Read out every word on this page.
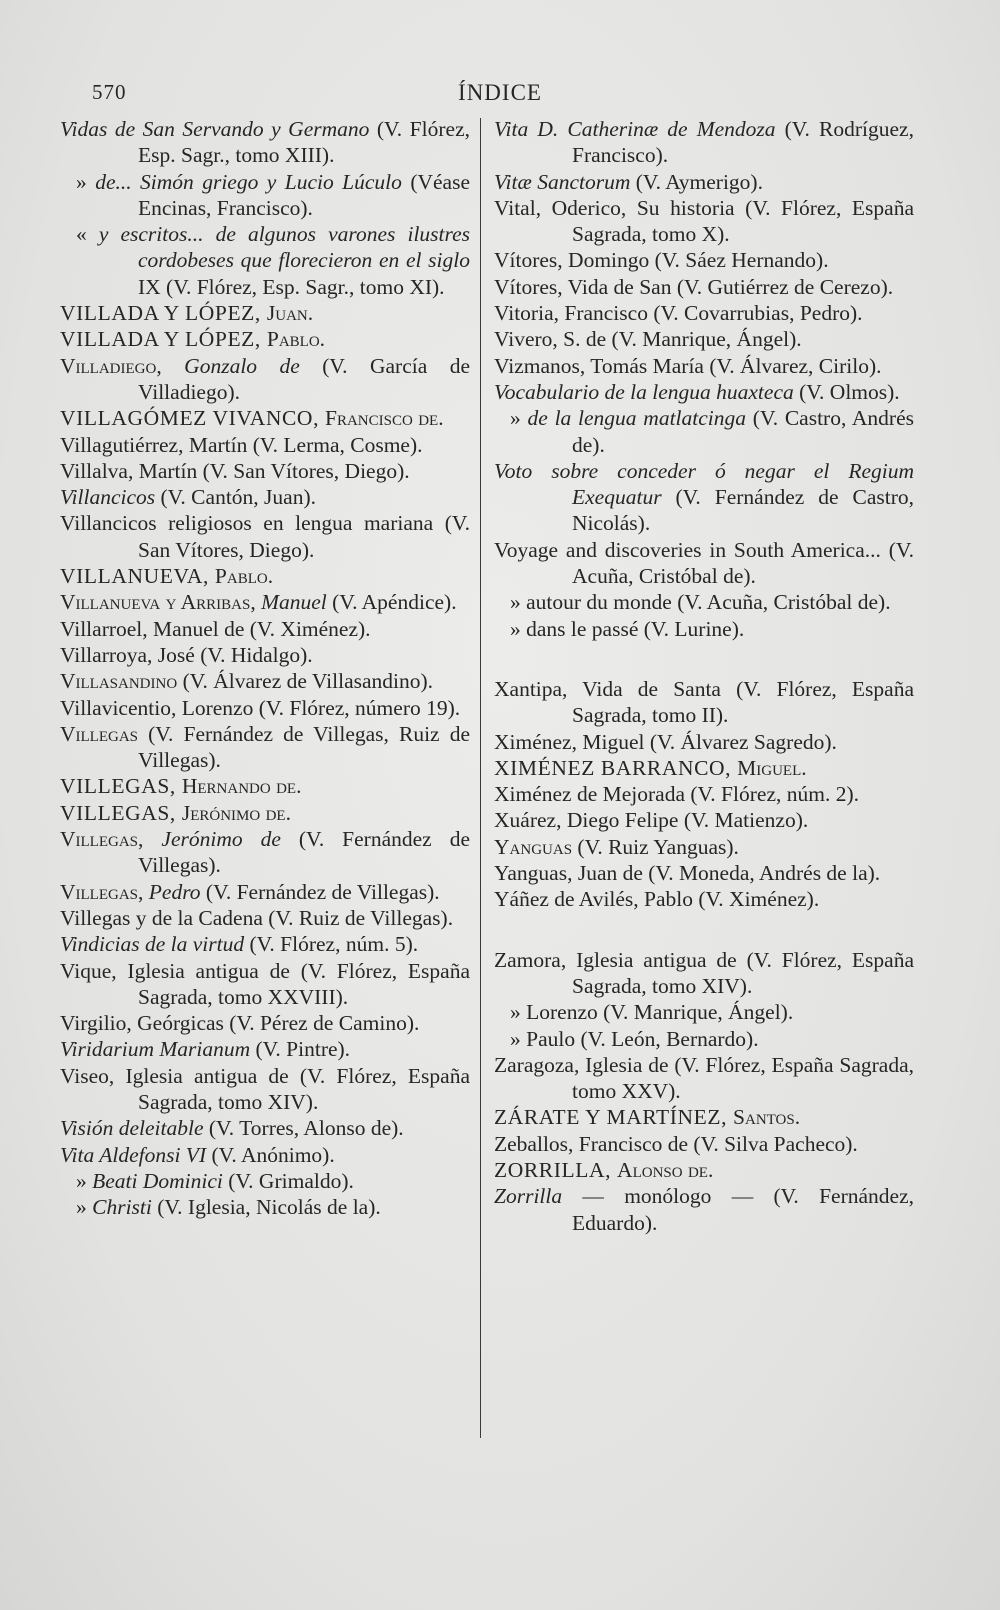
570	ÍNDICE

Vidas de San Servando y Germano (V. Flórez, Esp. Sagr., tomo XIII).

» de... Simón griego y Lucio Lúculo (Véase Encinas, Francisco).

« y escritos... de algunos varones ilustres cordobeses que florecieron en el siglo IX (V. Flórez, Esp. Sagr., tomo XI).

VILLADA Y LÓPEZ, Juan.

VILLADA Y LÓPEZ, Pablo.

Villadiego, Gonzalo de (V. García de Villadiego).

VILLAGÓMEZ VIVANCO, Francisco de.

Villagutiérrez, Martín (V. Lerma, Cosme).

Villalva, Martín (V. San Vítores, Diego).

Villancicos (V. Cantón, Juan).

Villancicos religiosos en lengua mariana (V. San Vítores, Diego).

VILLANUEVA, Pablo.

Villanueva y Arribas, Manuel (V. Apéndice).

Villarroel, Manuel de (V. Ximénez).

Villarroya, José (V. Hidalgo).

Villasandino (V. Álvarez de Villasandino).

Villavicentio, Lorenzo (V. Flórez, número 19).

Villegas (V. Fernández de Villegas, Ruiz de Villegas).

VILLEGAS, Hernando de.

VILLEGAS, Jerónimo de.

Villegas, Jerónimo de (V. Fernández de Villegas).

Villegas, Pedro (V. Fernández de Villegas).

Villegas y de la Cadena (V. Ruiz de Villegas).

Vindicias de la virtud (V. Flórez, núm. 5).

Vique, Iglesia antigua de (V. Flórez, España Sagrada, tomo XXVIII).

Virgilio, Geórgicas (V. Pérez de Camino).

Viridarium Marianum (V. Pintre).

Viseo, Iglesia antigua de (V. Flórez, España Sagrada, tomo XIV).

Visión deleitable (V. Torres, Alonso de).

Vita Aldefonsi VI (V. Anónimo).

» Beati Dominici (V. Grimaldo).

» Christi (V. Iglesia, Nicolás de la).

Vita D. Catherinæ de Mendoza (V. Rodríguez, Francisco).

Vitæ Sanctorum (V. Aymerigo).

Vital, Oderico, Su historia (V. Flórez, España Sagrada, tomo X).

Vítores, Domingo (V. Sáez Hernando).

Vítores, Vida de San (V. Gutiérrez de Cerezo).

Vitoria, Francisco (V. Covarrubias, Pedro).

Vivero, S. de (V. Manrique, Ángel).

Vizmanos, Tomás María (V. Álvarez, Cirilo).

Vocabulario de la lengua huaxteca (V. Olmos).

» de la lengua matlatcinga (V. Castro, Andrés de).

Voto sobre conceder ó negar el Regium Exequatur (V. Fernández de Castro, Nicolás).

Voyage and discoveries in South America... (V. Acuña, Cristóbal de).

» autour du monde (V. Acuña, Cristóbal de).

» dans le passé (V. Lurine).

Xantipa, Vida de Santa (V. Flórez, España Sagrada, tomo II).

Ximénez, Miguel (V. Álvarez Sagredo).

XIMÉNEZ BARRANCO, Miguel.

Ximénez de Mejorada (V. Flórez, núm. 2).

Xuárez, Diego Felipe (V. Matienzo).

Yanguas (V. Ruiz Yanguas).

Yanguas, Juan de (V. Moneda, Andrés de la).

Yáñez de Avilés, Pablo (V. Ximénez).

Zamora, Iglesia antigua de (V. Flórez, España Sagrada, tomo XIV).

» Lorenzo (V. Manrique, Ángel).

» Paulo (V. León, Bernardo).

Zaragoza, Iglesia de (V. Flórez, España Sagrada, tomo XXV).

ZÁRATE Y MARTÍNEZ, Santos.

Zeballos, Francisco de (V. Silva Pacheco).

ZORRILLA, Alonso de.

Zorrilla — monólogo — (V. Fernández, Eduardo).
